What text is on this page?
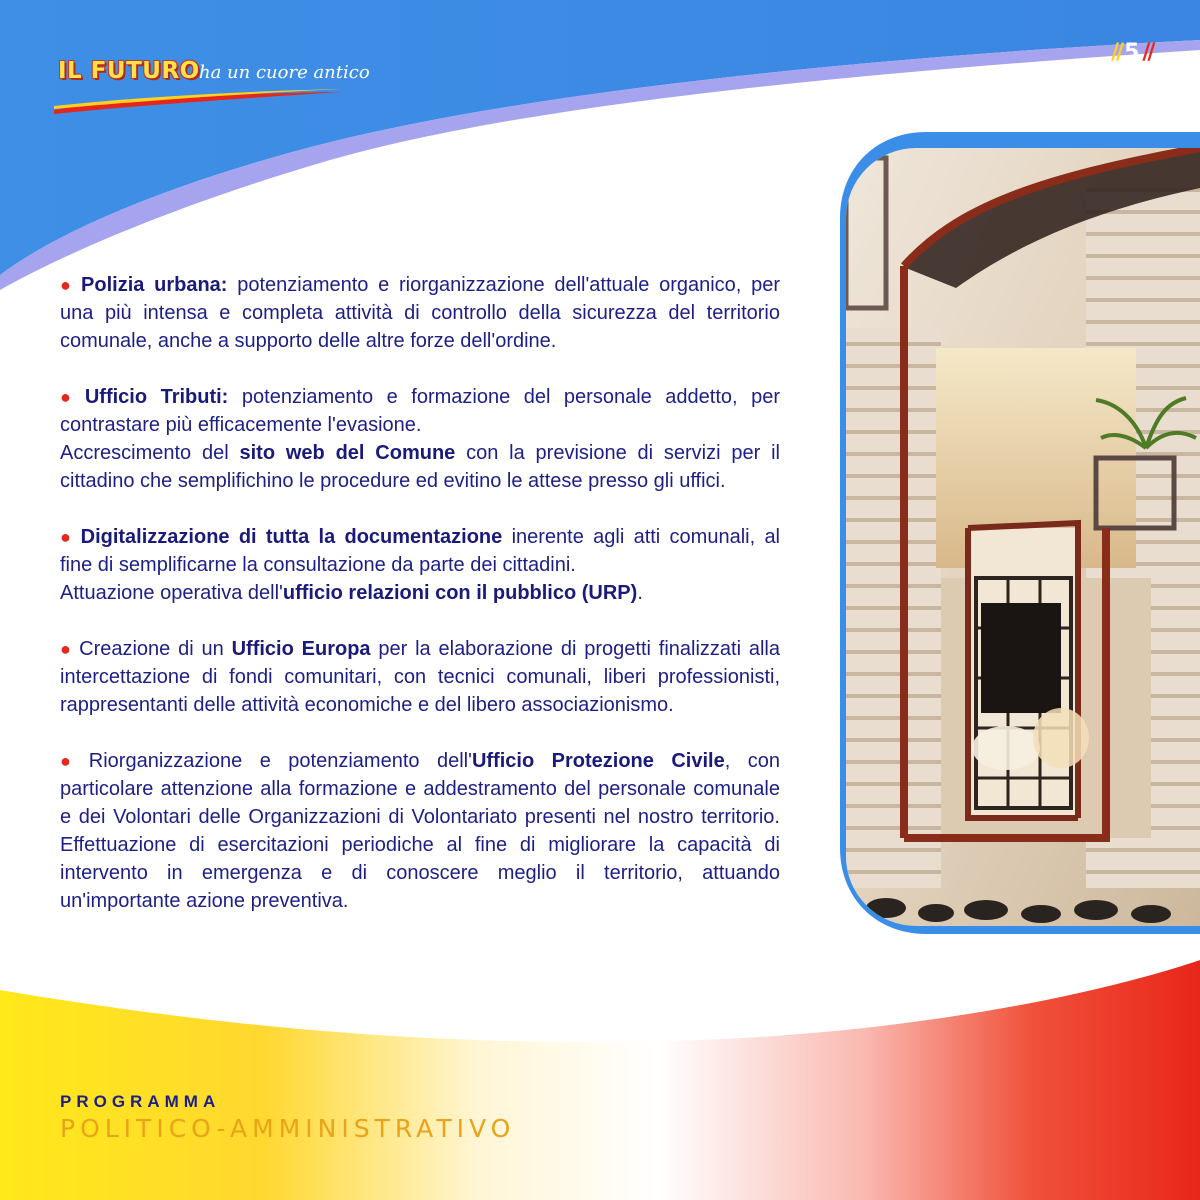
IL FUTURO ha un cuore antico
// 5 //

● Polizia urbana: potenziamento e riorganizzazione dell'attuale organico, per una più intensa e completa attività di controllo della sicurezza del territorio comunale, anche a supporto delle altre forze dell'ordine.

● Ufficio Tributi: potenziamento e formazione del personale addetto, per contrastare più efficacemente l'evasione.
Accrescimento del sito web del Comune con la previsione di servizi per il cittadino che semplifichino le procedure ed evitino le attese presso gli uffici.

● Digitalizzazione di tutta la documentazione inerente agli atti comunali, al fine di semplificarne la consultazione da parte dei cittadini.
Attuazione operativa dell'ufficio relazioni con il pubblico (URP).

● Creazione di un Ufficio Europa per la elaborazione di progetti finalizzati alla intercettazione di fondi comunitari, con tecnici comunali, liberi professionisti, rappresentanti delle attività economiche e del libero associazionismo.

● Riorganizzazione e potenziamento dell'Ufficio Protezione Civile, con particolare attenzione alla formazione e addestramento del personale comunale e dei Volontari delle Organizzazioni di Volontariato presenti nel nostro territorio. Effettuazione di esercitazioni periodiche al fine di migliorare la capacità di intervento in emergenza e di conoscere meglio il territorio, attuando un'importante azione preventiva.

PROGRAMMA
POLITICO-AMMINISTRATIVO
